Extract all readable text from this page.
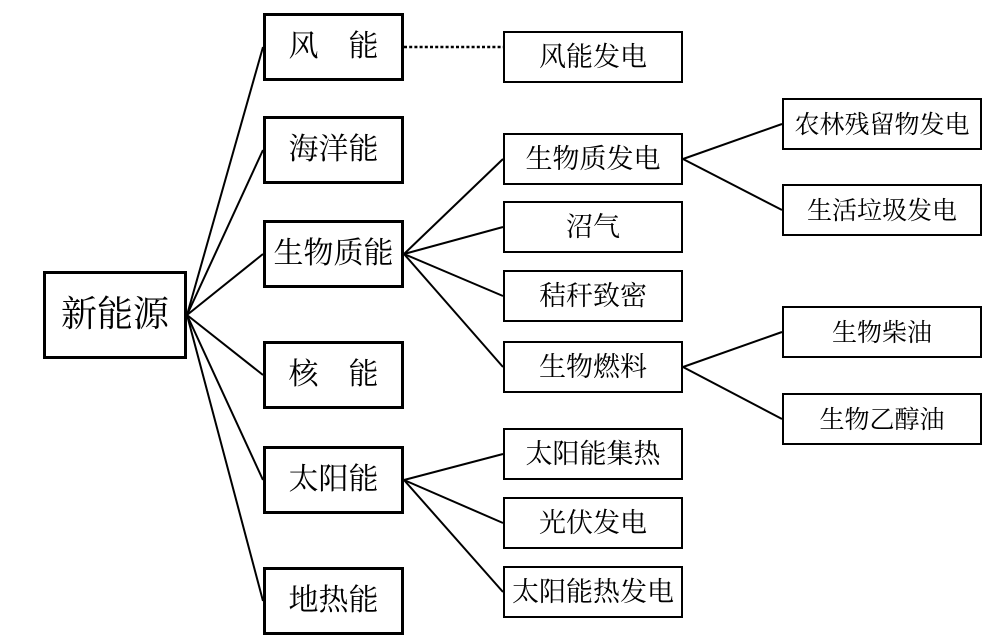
新能源
风　能
海洋能
生物质能
核　能
太阳能
地热能
风能发电
生物质发电
沼气
秸秆致密
生物燃料
太阳能集热
光伏发电
太阳能热发电
农林残留物发电
生活垃圾发电
生物柴油
生物乙醇油
